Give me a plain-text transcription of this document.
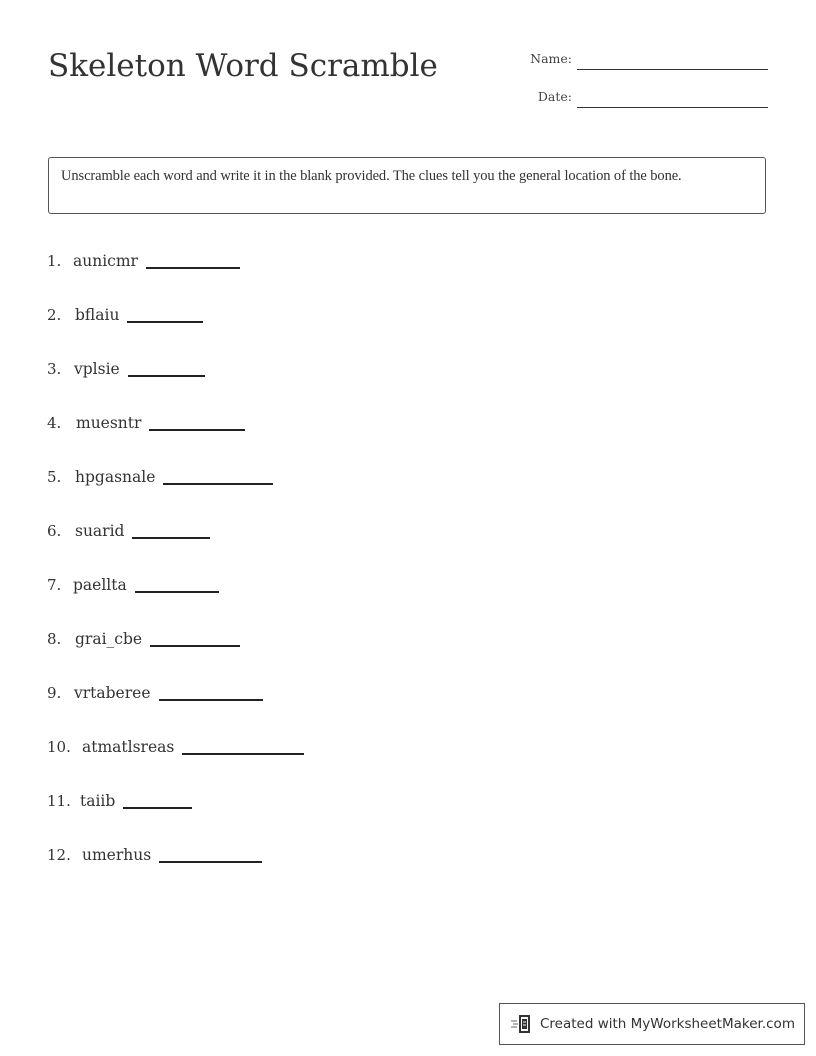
Skeleton Word Scramble	Name:
Date:
Unscramble each word and write it in the blank provided. The clues tell you the general location of the bone.
1. aunicmr
2. bflaiu
3. vplsie
4. muesntr
5. hpgasnale
6. suarid
7. paellta
8. grai_cbe
9. vrtaberee
10. atmatlsreas
11. taiib
12. umerhus
Created with MyWorksheetMaker.com
